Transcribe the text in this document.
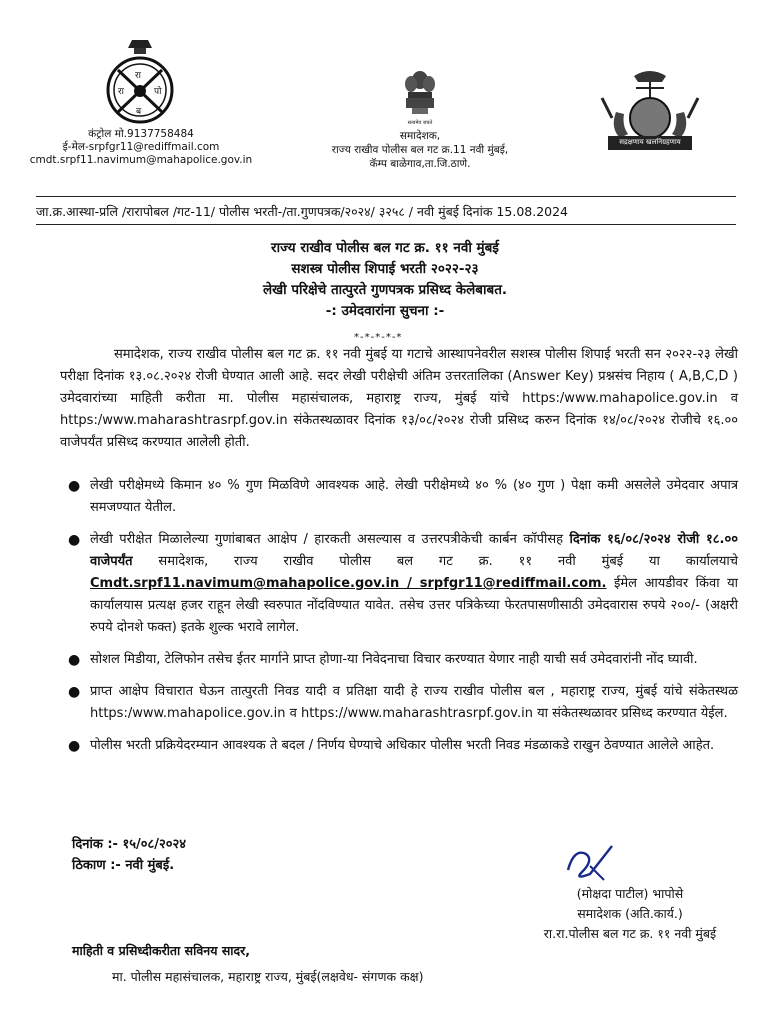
रा
रा	पो
ब
कंट्रोल मो.9137758484
ई-मेल-srpfgr11@rediffmail.com
cmdt.srpf11.navimum@mahapolice.gov.in
सत्यमेव जयते
समादेशक,
राज्य राखीव पोलीस बल गट क्र.11 नवी मुंबई,
कॅम्प बाळेगाव,ता.जि.ठाणे.
सद्रक्षणाय खलनिग्रहणाय
जा.क्र.आस्था-प्रलि /रारापोबल /गट-11/ पोलीस भरती-/ता.गुणपत्रक/२०२४/ ३२५८ / नवी मुंबई दिनांक 15.08.2024
राज्य राखीव पोलीस बल गट क्र. ११ नवी मुंबई
सशस्त्र पोलीस शिपाई भरती २०२२-२३
लेखी परिक्षेचे तात्पुरते गुणपत्रक प्रसिध्द केलेबाबत.
-: उमेदवारांना सुचना :-
*-*-*-*-*
समादेशक, राज्य राखीव पोलीस बल गट क्र. ११ नवी मुंबई या गटाचे आस्थापनेवरील सशस्त्र पोलीस शिपाई भरती सन २०२२-२३ लेखी परीक्षा दिनांक १३.०८.२०२४ रोजी घेण्यात आली आहे. सदर लेखी परीक्षेची अंतिम उत्तरतालिका (Answer Key) प्रश्नसंच निहाय ( A,B,C,D ) उमेदवारांच्या माहिती करीता मा. पोलीस महासंचालक, महाराष्ट्र राज्य, मुंबई यांचे https:/www.mahapolice.gov.in व https:/www.maharashtrasrpf.gov.in संकेतस्थळावर दिनांक १३/०८/२०२४ रोजी प्रसिध्द करुन दिनांक १४/०८/२०२४ रोजीचे १६.०० वाजेपर्यंत प्रसिध्द करण्यात आलेली होती.
● लेखी परीक्षेमध्ये किमान ४० % गुण मिळविणे आवश्यक आहे. लेखी परीक्षेमध्ये ४० % (४० गुण ) पेक्षा कमी असलेले उमेदवार अपात्र समजण्यात येतील.
● लेखी परीक्षेत मिळालेल्या गुणांबाबत आक्षेप / हारकती असल्यास व उत्तरपत्रीकेची कार्बन कॉपीसह दिनांक १६/०८/२०२४ रोजी १८.०० वाजेपर्यंत समादेशक, राज्य राखीव पोलीस बल गट क्र. ११ नवी मुंबई या कार्यालयाचे Cmdt.srpf11.navimum@mahapolice.gov.in / srpfgr11@rediffmail.com. ईमेल आयडीवर किंवा या कार्यालयास प्रत्यक्ष हजर राहून लेखी स्वरुपात नोंदविण्यात यावेत. तसेच उत्तर पत्रिकेच्या फेरतपासणीसाठी उमेदवारास रुपये २००/- (अक्षरी रुपये दोनशे फक्त) इतके शुल्क भरावे लागेल.
● सोशल मिडीया, टेलिफोन तसेच ईतर मार्गाने प्राप्त होणा-या निवेदनाचा विचार करण्यात येणार नाही याची सर्व उमेदवारांनी नोंद घ्यावी.
● प्राप्त आक्षेप विचारात घेऊन तात्पुरती निवड यादी व प्रतिक्षा यादी हे राज्य राखीव पोलीस बल , महाराष्ट्र राज्य, मुंबई यांचे संकेतस्थळ https:/www.mahapolice.gov.in व https://www.maharashtrasrpf.gov.in या संकेतस्थळावर प्रसिध्द करण्यात येईल.
● पोलीस भरती प्रक्रियेदरम्यान आवश्यक ते बदल / निर्णय घेण्याचे अधिकार पोलीस भरती निवड मंडळाकडे राखुन ठेवण्यात आलेले आहेत.
दिनांक :- १५/०८/२०२४
ठिकाण :- नवी मुंबई.
(मोक्षदा पाटील) भापोसे
समादेशक (अति.कार्य.)
रा.रा.पोलीस बल गट क्र. ११ नवी मुंबई
माहिती व प्रसिध्दीकरीता सविनय सादर,
मा. पोलीस महासंचालक, महाराष्ट्र राज्य, मुंबई(लक्षवेध- संगणक कक्ष)
